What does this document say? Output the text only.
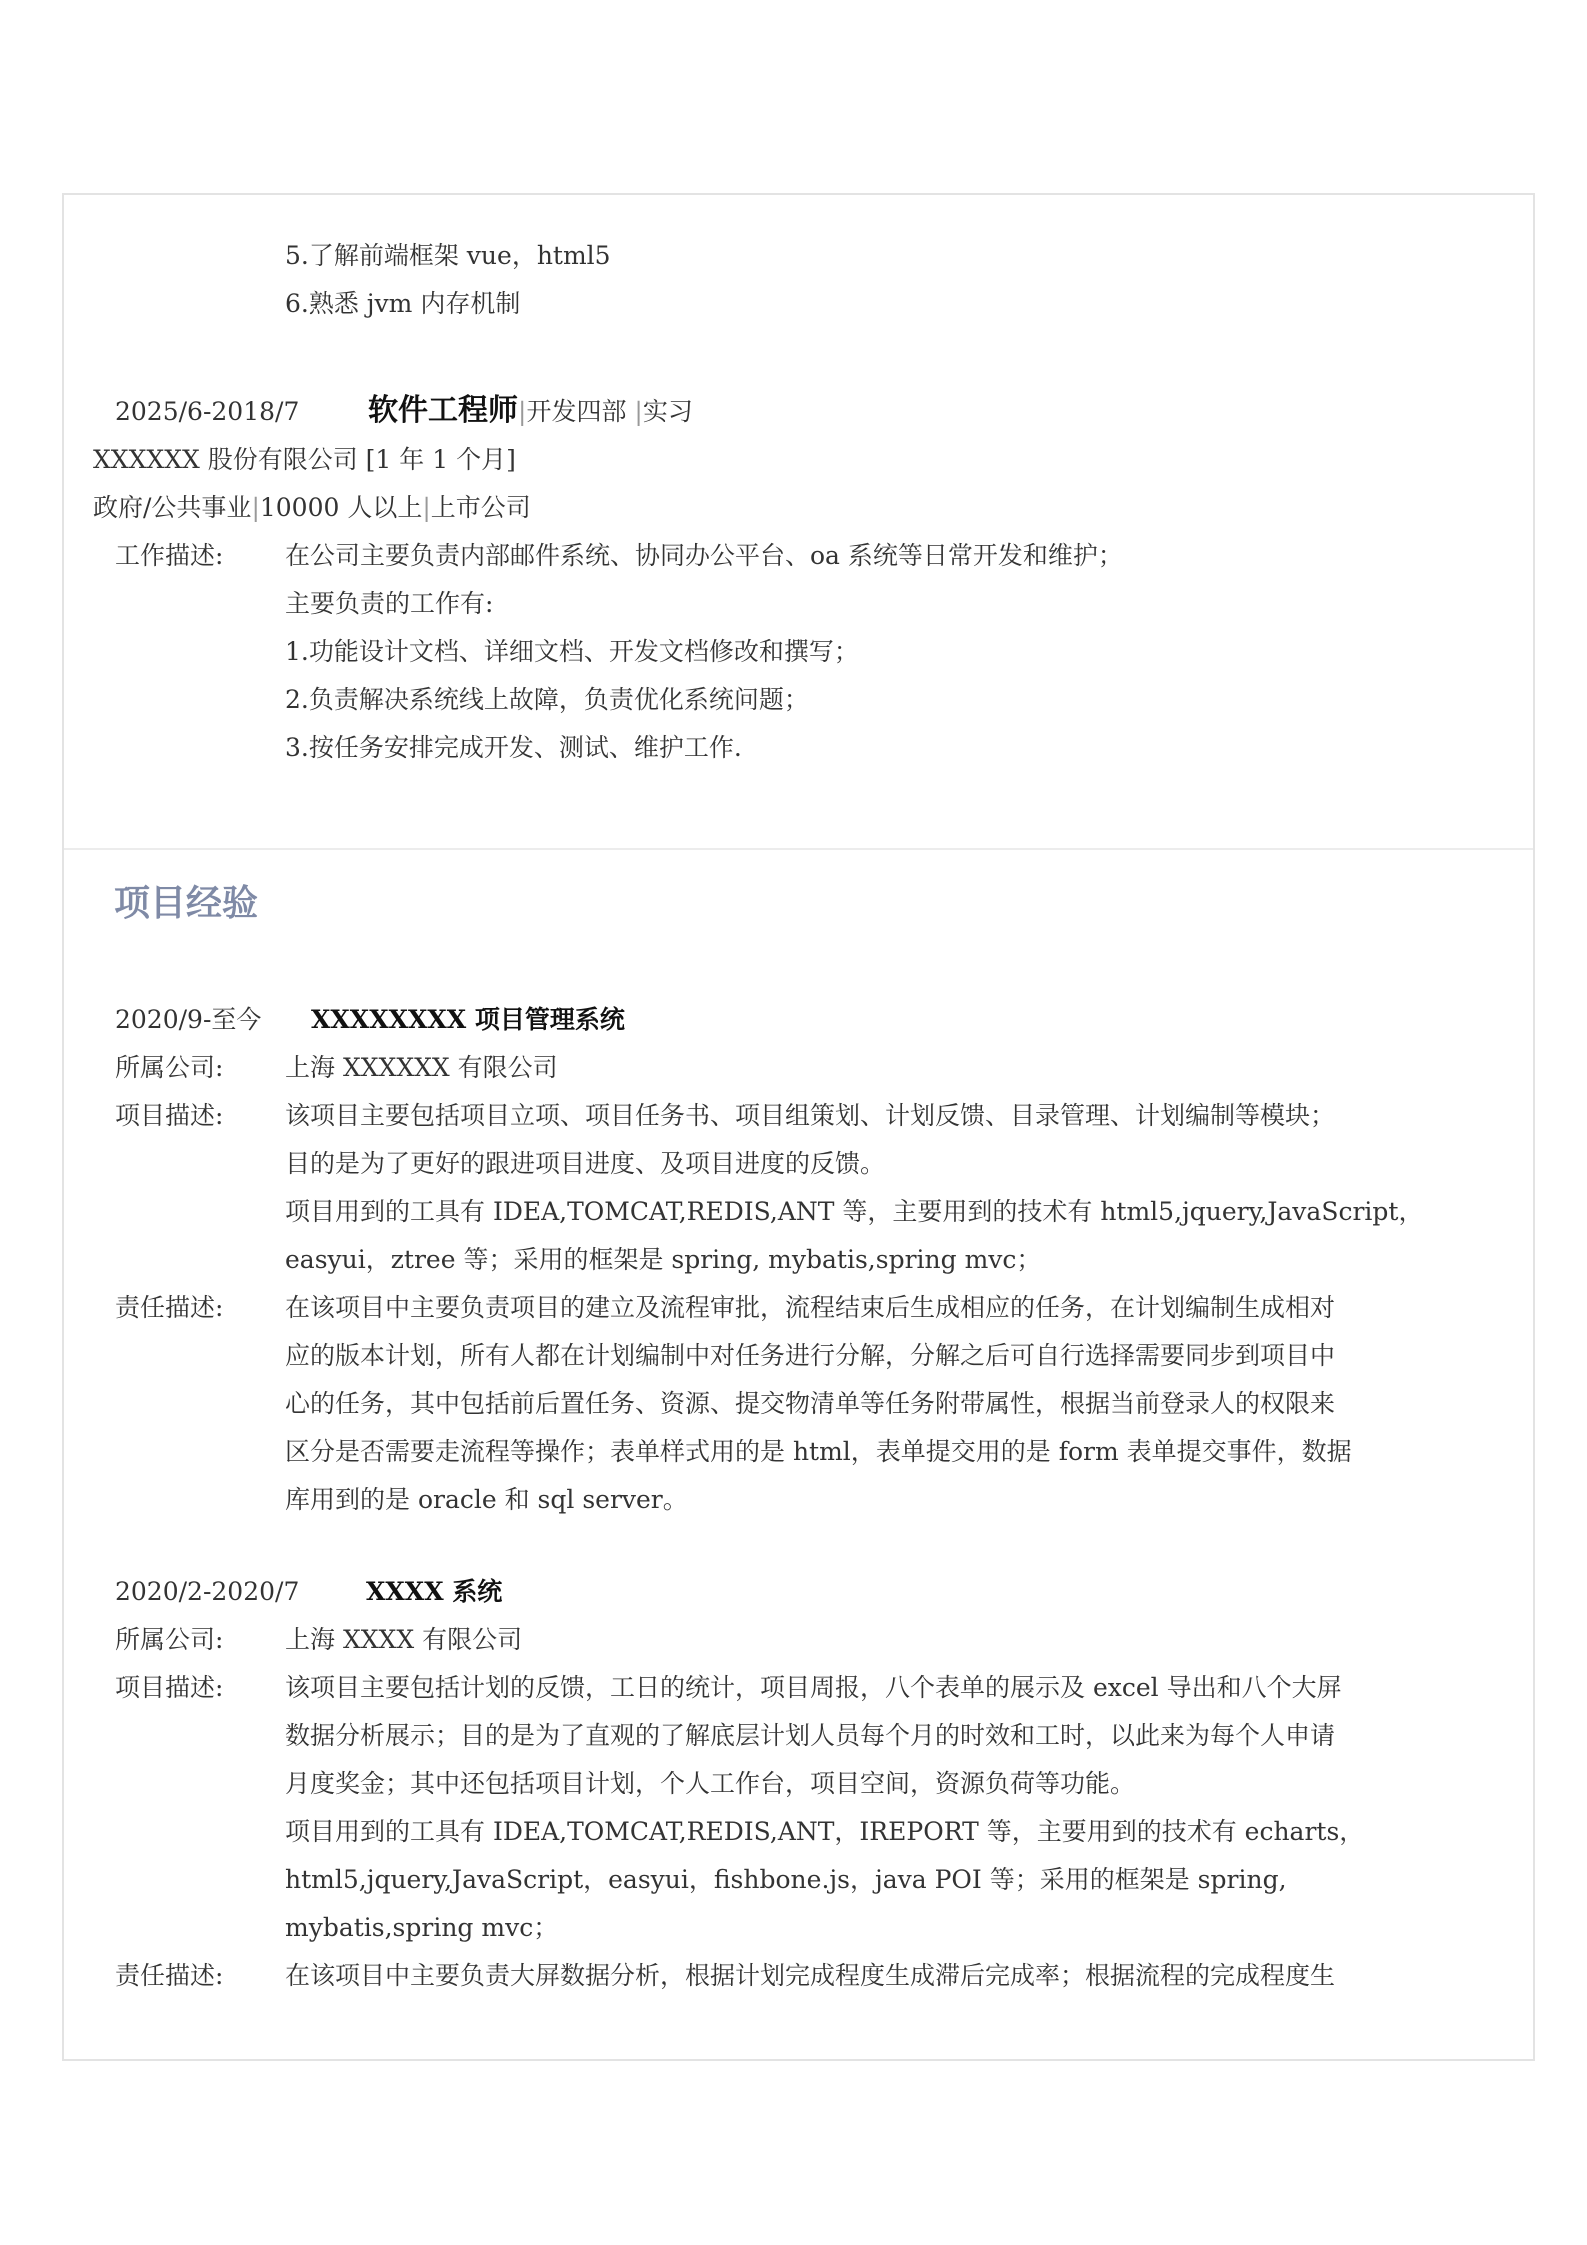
5.了解前端框架 vue，html5
6.熟悉 jvm 内存机制
2025/6-2018/7 软件工程师|开发四部 |实习
XXXXXX 股份有限公司 [1 年 1 个月]
政府/公共事业|10000 人以上|上市公司
工作描述: 在公司主要负责内部邮件系统、协同办公平台、oa 系统等日常开发和维护；
主要负责的工作有:
1.功能设计文档、详细文档、开发文档修改和撰写；
2.负责解决系统线上故障，负责优化系统问题；
3.按任务安排完成开发、测试、维护工作.
项目经验
2020/9-至今 XXXXXXXX 项目管理系统
所属公司: 上海 XXXXXX 有限公司
项目描述: 该项目主要包括项目立项、项目任务书、项目组策划、计划反馈、目录管理、计划编制等模块；
目的是为了更好的跟进项目进度、及项目进度的反馈。
项目用到的工具有 IDEA,TOMCAT,REDIS,ANT 等，主要用到的技术有 html5,jquery,JavaScript，
easyui，ztree 等；采用的框架是 spring, mybatis,spring mvc；
责任描述: 在该项目中主要负责项目的建立及流程审批，流程结束后生成相应的任务，在计划编制生成相对
应的版本计划，所有人都在计划编制中对任务进行分解，分解之后可自行选择需要同步到项目中
心的任务，其中包括前后置任务、资源、提交物清单等任务附带属性，根据当前登录人的权限来
区分是否需要走流程等操作；表单样式用的是 html，表单提交用的是 form 表单提交事件，数据
库用到的是 oracle 和 sql server。
2020/2-2020/7	XXXX 系统
所属公司: 上海 XXXX 有限公司
项目描述: 该项目主要包括计划的反馈，工日的统计，项目周报，八个表单的展示及 excel 导出和八个大屏
数据分析展示；目的是为了直观的了解底层计划人员每个月的时效和工时，以此来为每个人申请
月度奖金；其中还包括项目计划，个人工作台，项目空间，资源负荷等功能。
项目用到的工具有 IDEA,TOMCAT,REDIS,ANT，IREPORT 等，主要用到的技术有 echarts，
html5,jquery,JavaScript，easyui，fishbone.js，java POI 等；采用的框架是 spring,
mybatis,spring mvc；
责任描述: 在该项目中主要负责大屏数据分析，根据计划完成程度生成滞后完成率；根据流程的完成程度生
